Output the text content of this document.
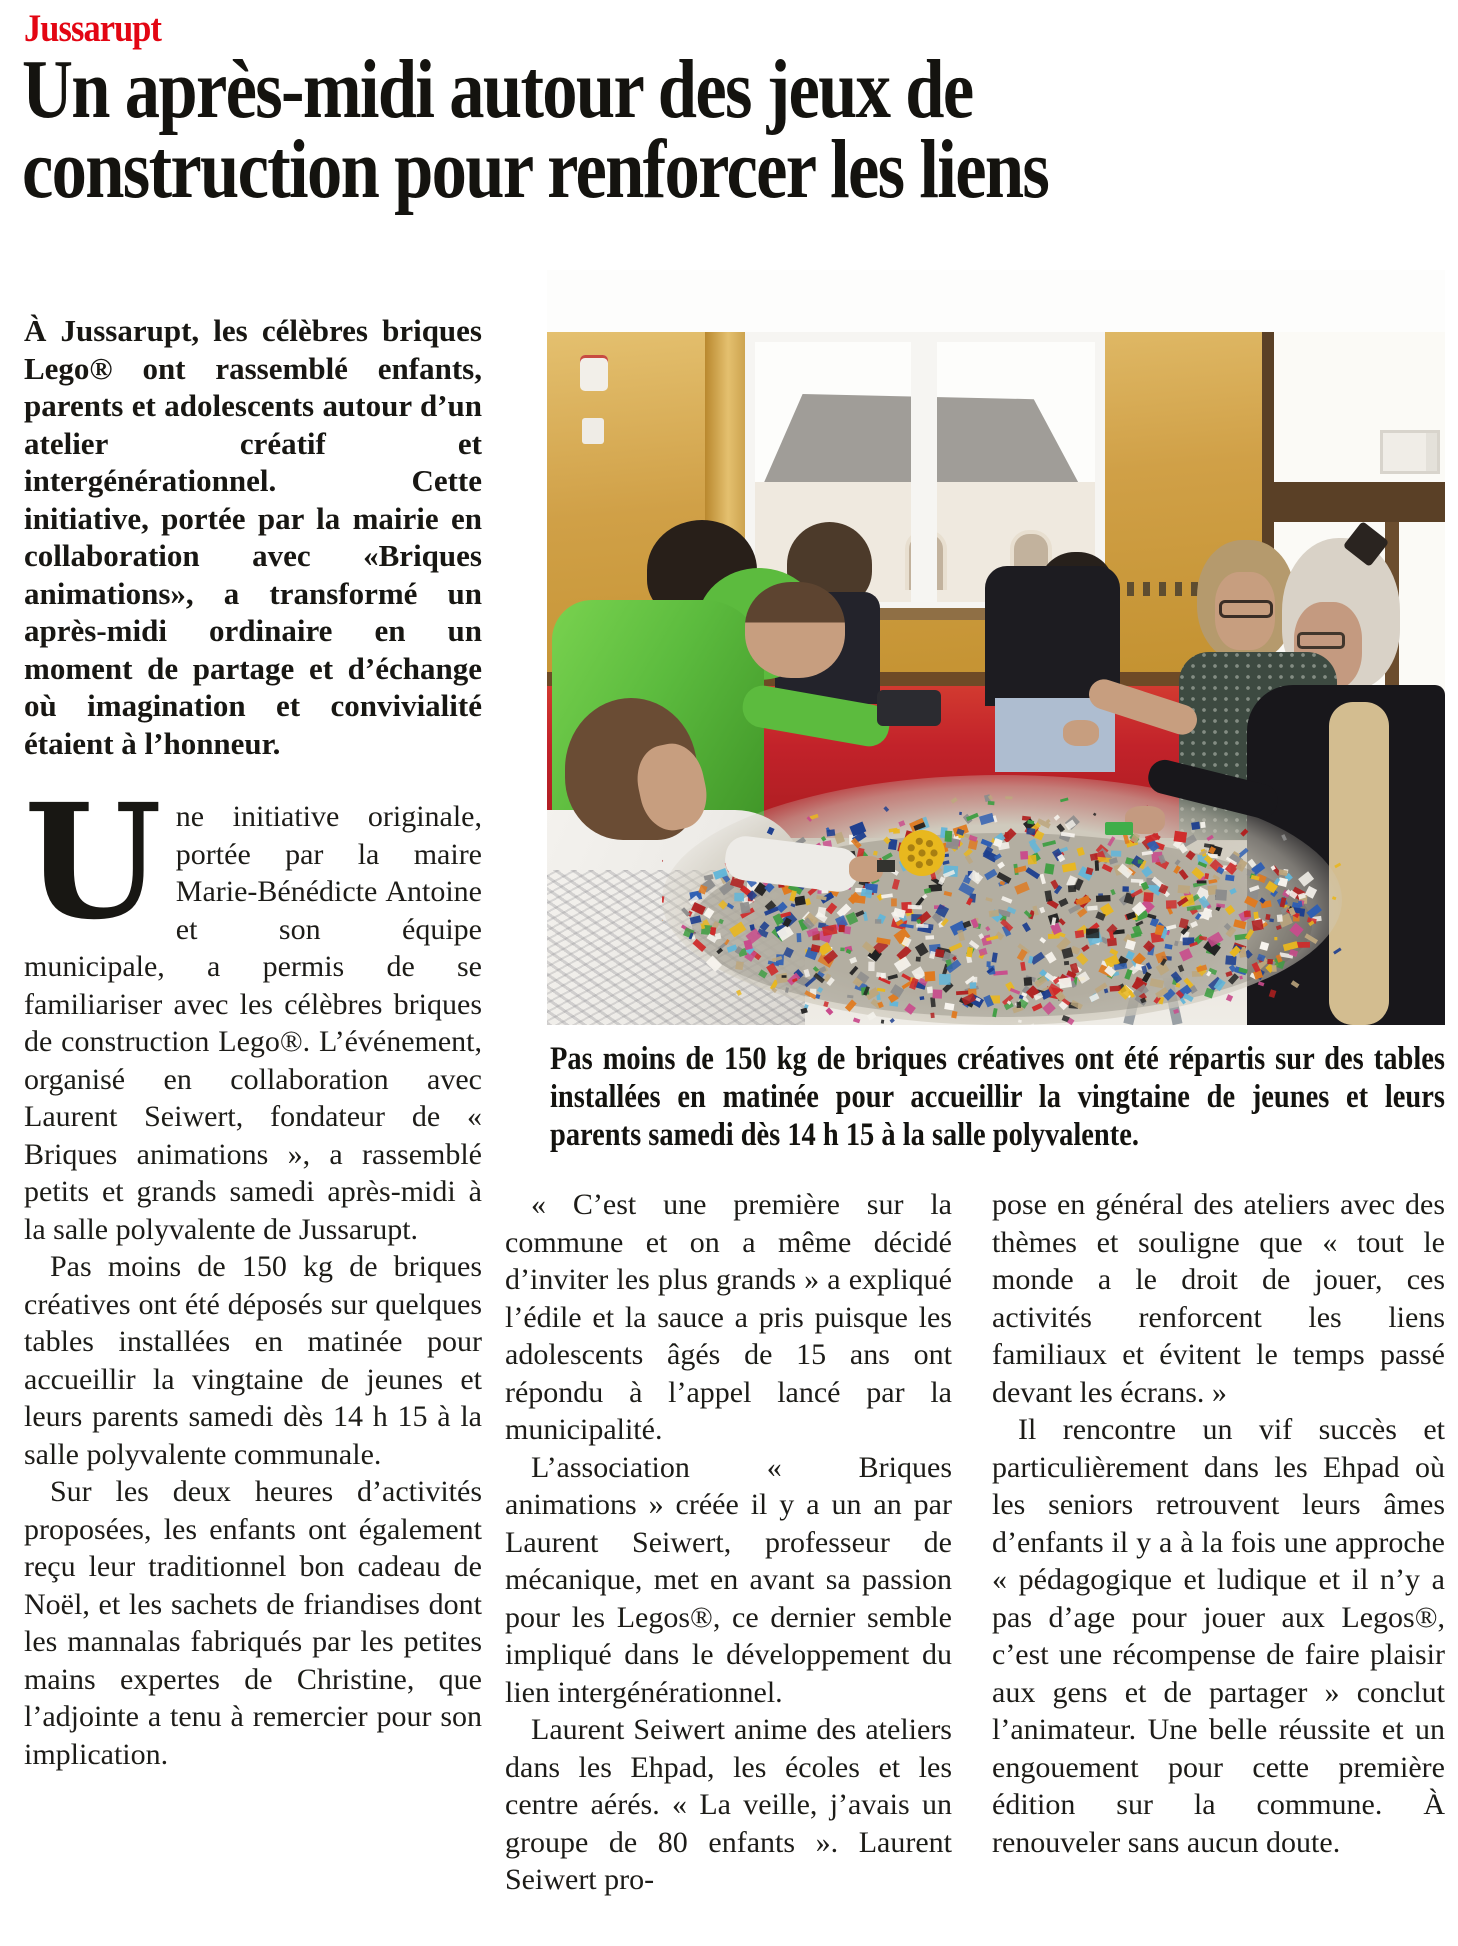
Jussarupt
Un après-midi autour des jeux de
construction pour renforcer les liens

À Jussarupt, les célèbres briques Lego® ont rassemblé enfants, parents et adolescents autour d’un atelier créatif et intergénérationnel. Cette initiative, portée par la mairie en collaboration avec «Briques animations», a transformé un après-midi ordinaire en un moment de partage et d’échange où imagination et convivialité étaient à l’honneur.

Une initiative originale, portée par la maire Marie-Bénédicte Antoine et son équipe municipale, a permis de se familiariser avec les célèbres briques de construction Lego®. L’événement, organisé en collaboration avec Laurent Seiwert, fondateur de « Briques animations », a rassemblé petits et grands samedi après-midi à la salle polyvalente de Jussarupt.

Pas moins de 150 kg de briques créatives ont été déposés sur quelques tables installées en matinée pour accueillir la vingtaine de jeunes et leurs parents samedi dès 14 h 15 à la salle polyvalente communale.

Sur les deux heures d’activités proposées, les enfants ont également reçu leur traditionnel bon cadeau de Noël, et les sachets de friandises dont les mannalas fabriqués par les petites mains expertes de Christine, que l’adjointe a tenu à remercier pour son implication.

Pas moins de 150 kg de briques créatives ont été répartis sur des tables installées en matinée pour accueillir la vingtaine de jeunes et leurs parents samedi dès 14 h 15 à la salle polyvalente.

« C’est une première sur la commune et on a même décidé d’inviter les plus grands » a expliqué l’édile et la sauce a pris puisque les adolescents âgés de 15 ans ont répondu à l’appel lancé par la municipalité.

L’association « Briques animations » créée il y a un an par Laurent Seiwert, professeur de mécanique, met en avant sa passion pour les Legos®, ce dernier semble impliqué dans le développement du lien intergénérationnel.

Laurent Seiwert anime des ateliers dans les Ehpad, les écoles et les centre aérés. « La veille, j’avais un groupe de 80 enfants ». Laurent Seiwert pro-

pose en général des ateliers avec des thèmes et souligne que « tout le monde a le droit de jouer, ces activités renforcent les liens familiaux et évitent le temps passé devant les écrans. »

Il rencontre un vif succès et particulièrement dans les Ehpad où les seniors retrouvent leurs âmes d’enfants il y a à la fois une approche « pédagogique et ludique et il n’y a pas d’age pour jouer aux Legos®, c’est une récompense de faire plaisir aux gens et de partager » conclut l’animateur. Une belle réussite et un engouement pour cette première édition sur la commune. À renouveler sans aucun doute.
